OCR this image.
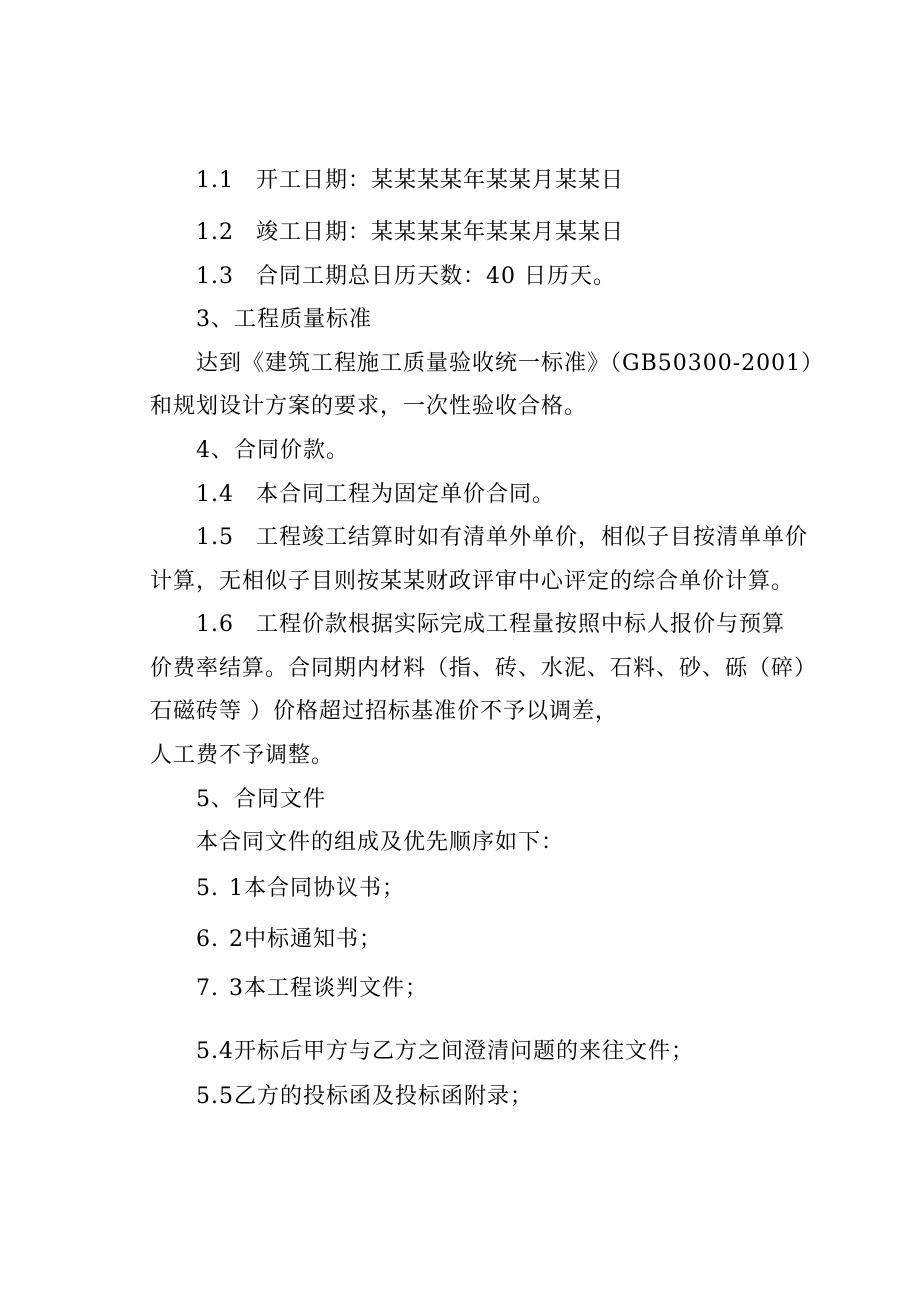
1.1 开工日期：某某某某年某某月某某日
1.2 竣工日期：某某某某年某某月某某日
1.3 合同工期总日历天数：40 日历天。
3、工程质量标准
达到《建筑工程施工质量验收统一标准》（GB50300-2001）
和规划设计方案的要求，一次性验收合格。
4、合同价款。
1.4 本合同工程为固定单价合同。
1.5 工程竣工结算时如有清单外单价，相似子目按清单单价
计算，无相似子目则按某某财政评审中心评定的综合单价计算。
1.6 工程价款根据实际完成工程量按照中标人报价与预算
价费率结算。合同期内材料（指、砖、水泥、石料、砂、砾（碎）
石磁砖等 ）价格超过招标基准价不予以调差，
人工费不予调整。
5、合同文件
本合同文件的组成及优先顺序如下：
5. 1本合同协议书；
6. 2中标通知书；
7. 3本工程谈判文件；
5.4开标后甲方与乙方之间澄清问题的来往文件；
5.5乙方的投标函及投标函附录；
